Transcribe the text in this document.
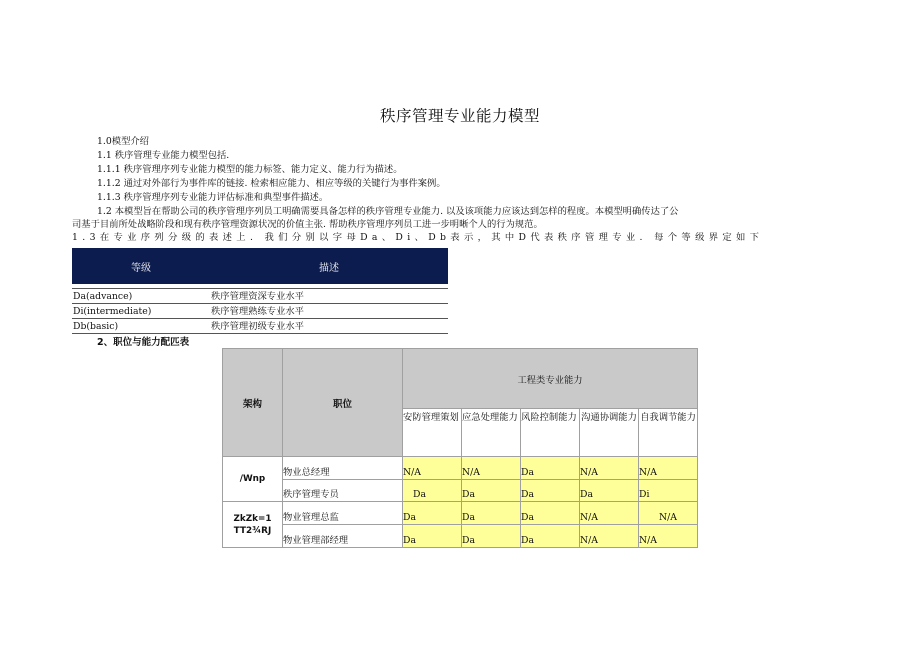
秩序管理专业能力模型
1.0模型介绍
1.1 秩序管理专业能力模型包括.
1.1.1 秩序管理序列专业能力模型的能力标签、能力定义、能力行为描述。
1.1.2 通过对外部行为事件库的链接. 检索相应能力、相应等级的关键行为事件案例。
1.1.3 秩序管理序列专业能力评估标准和典型事件描述。
1.2 本模型旨在帮助公司的秩序管理序列员工明确需要具备怎样的秩序管理专业能力. 以及该项能力应该达到怎样的程度。本模型明确传达了公
司基于目前所处战略阶段和现有秩序管理资源状况的价值主张. 帮助秩序管理序列员工进一步明晰个人的行为规范。
1.3在专业序列分级的表述上. 我们分别以字母Da、Di、Db表示，其中D代表秩序管理专业. 每个等级界定如下
等级	描述

Da(advance)	秩序管理资深专业水平
Di(intermediate)	秩序管理熟练专业水平
Db(basic)	秩序管理初级专业水平
2、职位与能力配匹表
架构	职位	工程类专业能力				
		安防管理策划	应急处理能力	风险控制能力	沟通协调能力	自我调节能力
/Wnp	物业总经理	N/A	N/A	Da	N/A	N/A
	秩序管理专员	Da	Da	Da	Da	Di
ZkZk=1 TT2¾RJ	物业管理总监	Da	Da	Da	N/A	N/A
	物业管理部经理	Da	Da	Da	N/A	N/A
